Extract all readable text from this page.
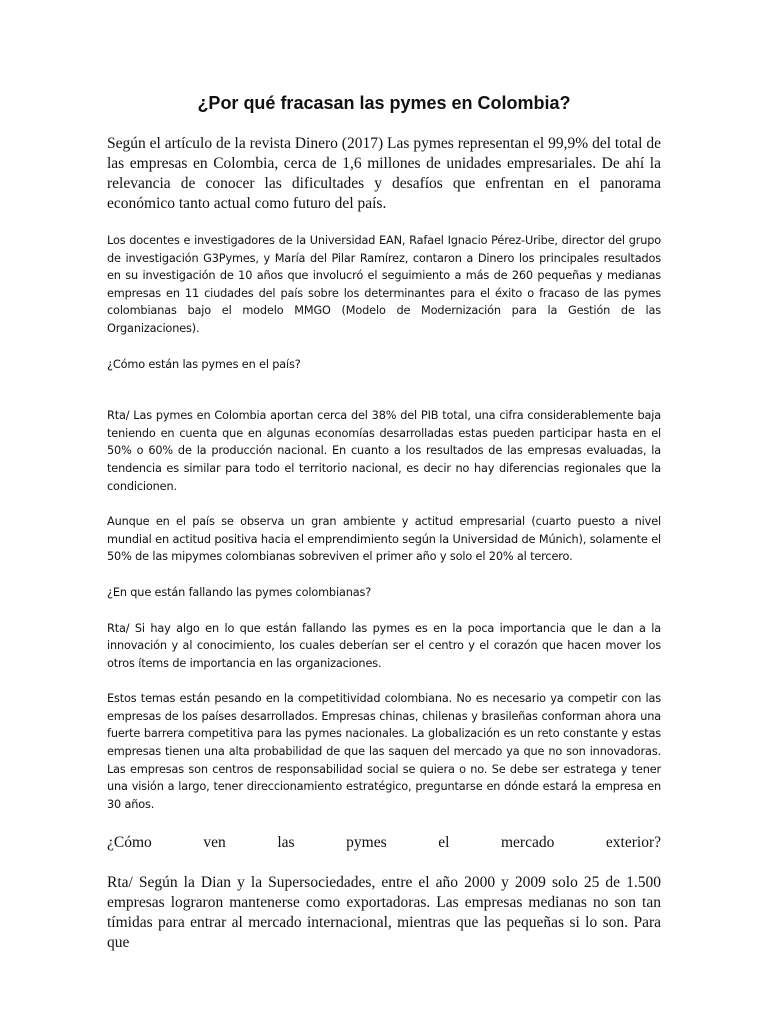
¿Por qué fracasan las pymes en Colombia?

Según el artículo de la revista Dinero (2017) Las pymes representan el 99,9% del total de las empresas en Colombia, cerca de 1,6 millones de unidades empresariales. De ahí la relevancia de conocer las dificultades y desafíos que enfrentan en el panorama económico tanto actual como futuro del país.

Los docentes e investigadores de la Universidad EAN, Rafael Ignacio Pérez-Uribe, director del grupo de investigación G3Pymes, y María del Pilar Ramírez, contaron a Dinero los principales resultados en su investigación de 10 años que involucró el seguimiento a más de 260 pequeñas y medianas empresas en 11 ciudades del país sobre los determinantes para el éxito o fracaso de las pymes colombianas bajo el modelo MMGO (Modelo de Modernización para la Gestión de las Organizaciones).

¿Cómo están las pymes en el país?

Rta/ Las pymes en Colombia aportan cerca del 38% del PIB total, una cifra considerablemente baja teniendo en cuenta que en algunas economías desarrolladas estas pueden participar hasta en el 50% o 60% de la producción nacional. En cuanto a los resultados de las empresas evaluadas, la tendencia es similar para todo el territorio nacional, es decir no hay diferencias regionales que la condicionen.

Aunque en el país se observa un gran ambiente y actitud empresarial (cuarto puesto a nivel mundial en actitud positiva hacia el emprendimiento según la Universidad de Múnich), solamente el 50% de las mipymes colombianas sobreviven el primer año y solo el 20% al tercero.

¿En que están fallando las pymes colombianas?

Rta/ Si hay algo en lo que están fallando las pymes es en la poca importancia que le dan a la innovación y al conocimiento, los cuales deberían ser el centro y el corazón que hacen mover los otros ítems de importancia en las organizaciones.

Estos temas están pesando en la competitividad colombiana. No es necesario ya competir con las empresas de los países desarrollados. Empresas chinas, chilenas y brasileñas conforman ahora una fuerte barrera competitiva para las pymes nacionales. La globalización es un reto constante y estas empresas tienen una alta probabilidad de que las saquen del mercado ya que no son innovadoras. Las empresas son centros de responsabilidad social se quiera o no. Se debe ser estratega y tener una visión a largo, tener direccionamiento estratégico, preguntarse en dónde estará la empresa en 30 años.

¿Cómo ven las pymes el mercado exterior?

Rta/ Según la Dian y la Supersociedades, entre el año 2000 y 2009 solo 25 de 1.500 empresas lograron mantenerse como exportadoras. Las empresas medianas no son tan tímidas para entrar al mercado internacional, mientras que las pequeñas si lo son. Para que
